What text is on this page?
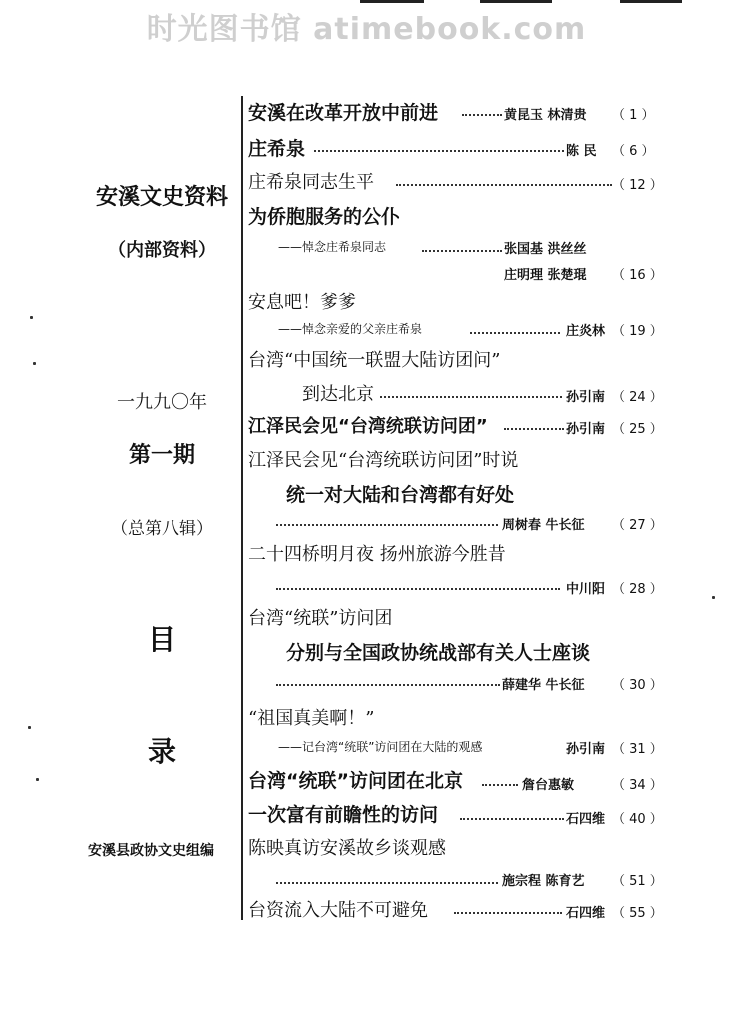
时光图书馆 atimebook.com
安溪文史资料
（内部资料）
一九九〇年
第一期
（总第八辑）
目
录
安溪县政协文史组编
安溪在改革开放中前进	黄昆玉 林清贵 （ 1 ）
庄希泉	陈 民 （ 6 ）
庄希泉同志生平	（ 12 ）
为侨胞服务的公仆
——悼念庄希泉同志	张国基 洪丝丝
庄明理 张楚琨 （ 16 ）
安息吧！爹爹
——悼念亲爱的父亲庄希泉	庄炎林 （ 19 ）
台湾“中国统一联盟大陆访团问”
到达北京	孙引南 （ 24 ）
江泽民会见“台湾统联访问团”	孙引南 （ 25 ）
江泽民会见“台湾统联访问团”时说
统一对大陆和台湾都有好处
周树春 牛长征 （ 27 ）
二十四桥明月夜 扬州旅游今胜昔
中川阳 （ 28 ）
台湾“统联”访问团
分别与全国政协统战部有关人士座谈
薛建华 牛长征 （ 30 ）
“祖国真美啊！”
——记台湾“统联”访问团在大陆的观感	孙引南 （ 31 ）
台湾“统联”访问团在北京	詹台惠敏	（ 34 ）
一次富有前瞻性的访问	石四维 （ 40 ）
陈映真访安溪故乡谈观感
施宗程 陈育艺 （ 51 ）
台资流入大陆不可避免	石四维 （ 55 ）
